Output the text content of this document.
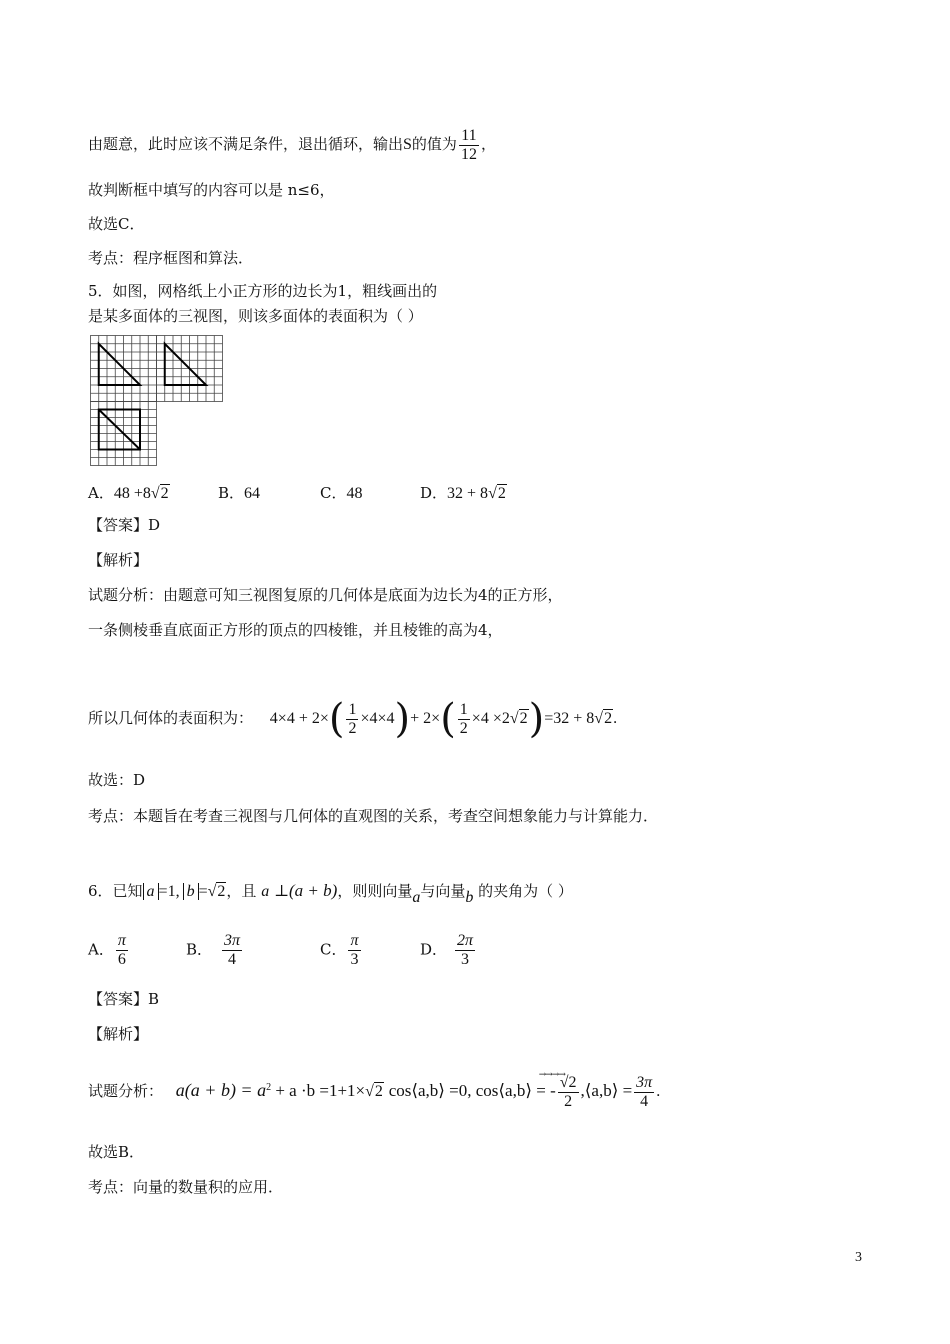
由题意，此时应该不满足条件，退出循环，输出S的值为 $\frac{11}{12}$ ，
故判断框中填写的内容可以是 n≤6，
故选C．
考点：程序框图和算法．
5．如图，网格纸上小正方形的边长为1，粗线画出的
是某多面体的三视图，则该多面体的表面积为（ ）
A．48 +8√2	B．64	C．48	D．32 + 8√2
【答案】D
【解析】
试题分析：由题意可知三视图复原的几何体是底面为边长为4的正方形，
一条侧棱垂直底面正方形的顶点的四棱锥，并且棱锥的高为4，
所以几何体的表面积为： $4\times 4 + 2\times( \frac{1}{2} \times 4\times 4)+ 2\times( \frac{1}{2} \times 4 \times 2√2)=32 + 8√2$.
故选：D
考点：本题旨在考查三视图与几何体的直观图的关系，考查空间想象能力与计算能力．
6．已知 a =1, b =√2，且 a ⊥(a + b)，则则向量a与向量b 的夹角为（ ）
A． $\frac{\pi}{6}$	B． $\frac{3\pi}{4}$	C． $\frac{\pi}{3}$	D． $\frac{2\pi}{3}$
【答案】B
【解析】
试题分析： $a(a + b) = a^2 + a \cdot b =1+1\times√2$
→→→→
cos⟨a,b⟩ =0, cos⟨a,b⟩ = - $\frac{√2}{2}$ ,⟨a,b⟩ = $\frac{3\pi}{4}$ .
故选B．
考点：向量的数量积的应用．
3
